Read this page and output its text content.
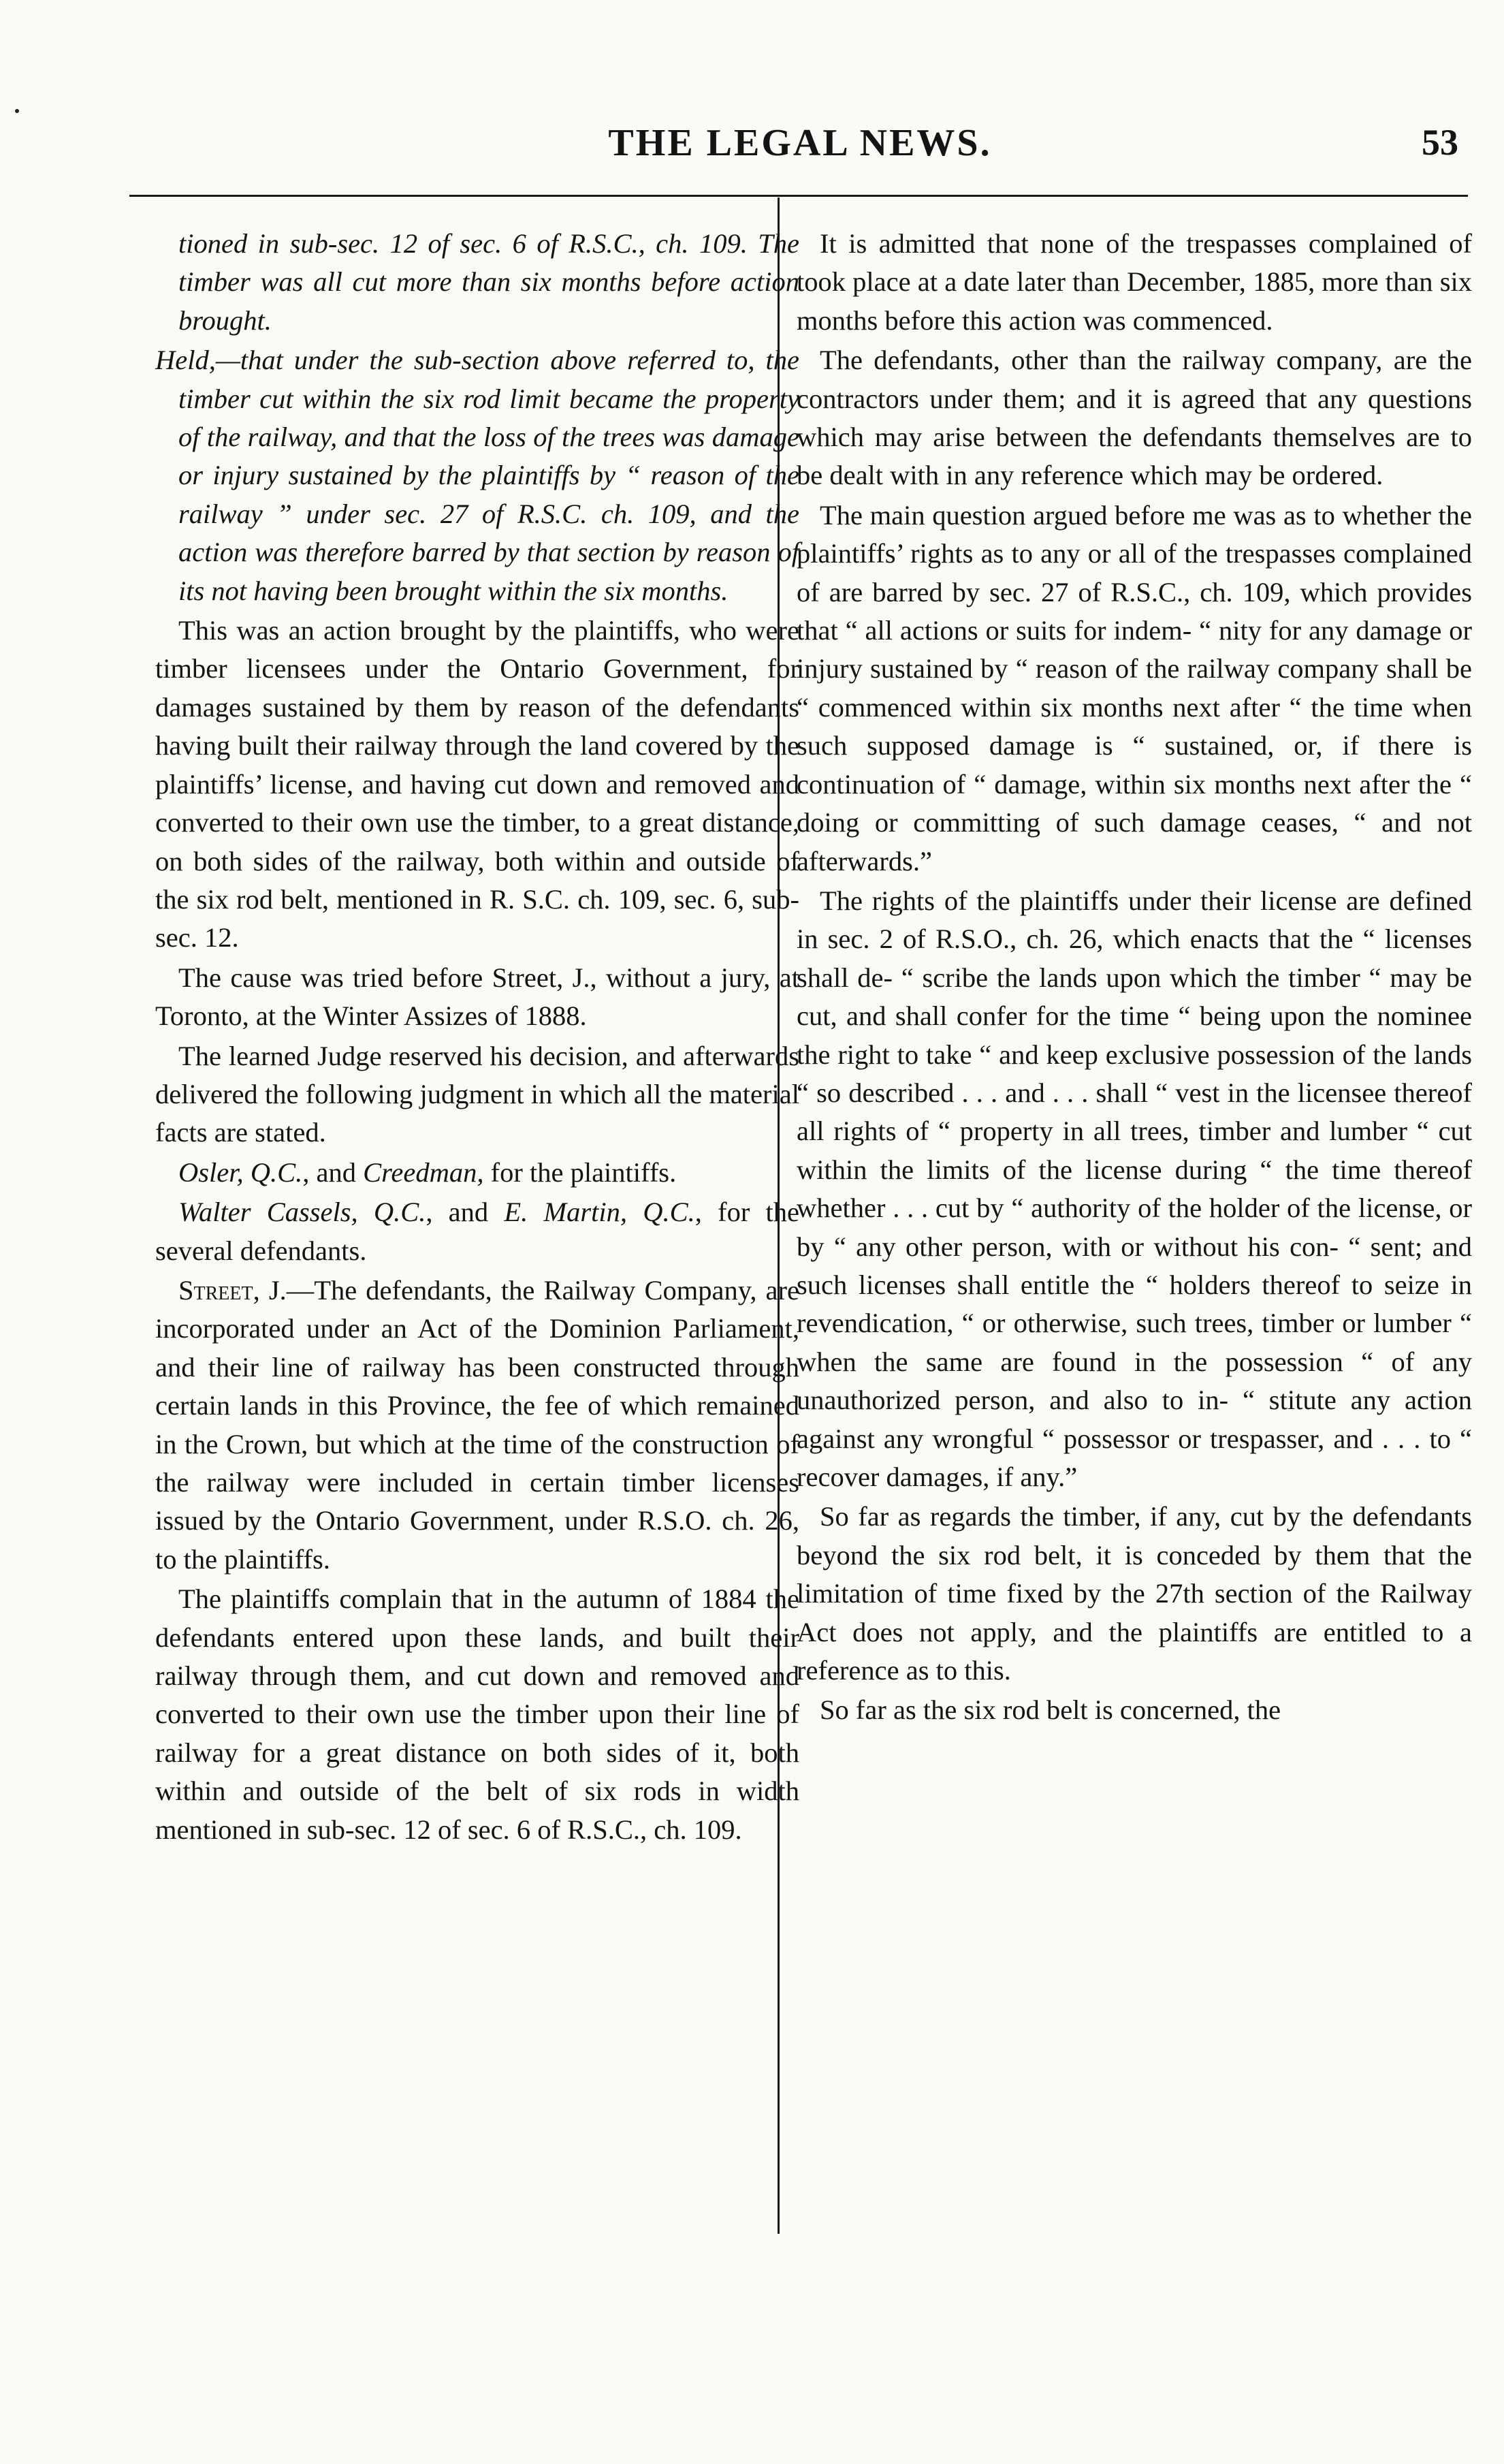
THE LEGAL NEWS.	53

tioned in sub-sec. 12 of sec. 6 of R.S.C., ch. 109. The timber was all cut more than six months before action brought.

Held,—that under the sub-section above referred to, the timber cut within the six rod limit became the property of the railway, and that the loss of the trees was damage or injury sustained by the plaintiffs by “ reason of the railway ” under sec. 27 of R.S.C. ch. 109, and the action was therefore barred by that section by reason of its not having been brought within the six months.

This was an action brought by the plaintiffs, who were timber licensees under the Ontario Government, for damages sustained by them by reason of the defendants having built their railway through the land covered by the plaintiffs’ license, and having cut down and removed and converted to their own use the timber, to a great distance, on both sides of the railway, both within and outside of the six rod belt, mentioned in R. S.C. ch. 109, sec. 6, sub-sec. 12.

The cause was tried before Street, J., without a jury, at Toronto, at the Winter Assizes of 1888.

The learned Judge reserved his decision, and afterwards delivered the following judgment in which all the material facts are stated.

Osler, Q.C., and Creedman, for the plaintiffs.

Walter Cassels, Q.C., and E. Martin, Q.C., for the several defendants.

Street, J.—The defendants, the Railway Company, are incorporated under an Act of the Dominion Parliament, and their line of railway has been constructed through certain lands in this Province, the fee of which remained in the Crown, but which at the time of the construction of the railway were included in certain timber licenses issued by the Ontario Government, under R.S.O. ch. 26, to the plaintiffs.

The plaintiffs complain that in the autumn of 1884 the defendants entered upon these lands, and built their railway through them, and cut down and removed and converted to their own use the timber upon their line of railway for a great distance on both sides of it, both within and outside of the belt of six rods in width mentioned in sub-sec. 12 of sec. 6 of R.S.C., ch. 109.

It is admitted that none of the trespasses complained of took place at a date later than December, 1885, more than six months before this action was commenced.

The defendants, other than the railway company, are the contractors under them; and it is agreed that any questions which may arise between the defendants themselves are to be dealt with in any reference which may be ordered.

The main question argued before me was as to whether the plaintiffs’ rights as to any or all of the trespasses complained of are barred by sec. 27 of R.S.C., ch. 109, which provides that “ all actions or suits for indem- “ nity for any damage or injury sustained by “ reason of the railway company shall be “ commenced within six months next after “ the time when such supposed damage is “ sustained, or, if there is continuation of “ damage, within six months next after the “ doing or committing of such damage ceases, “ and not afterwards.”

The rights of the plaintiffs under their license are defined in sec. 2 of R.S.O., ch. 26, which enacts that the “ licenses shall de- “ scribe the lands upon which the timber “ may be cut, and shall confer for the time “ being upon the nominee the right to take “ and keep exclusive possession of the lands “ so described . . . and . . . shall “ vest in the licensee thereof all rights of “ property in all trees, timber and lumber “ cut within the limits of the license during “ the time thereof whether . . . cut by “ authority of the holder of the license, or by “ any other person, with or without his con- “ sent; and such licenses shall entitle the “ holders thereof to seize in revendication, “ or otherwise, such trees, timber or lumber “ when the same are found in the possession “ of any unauthorized person, and also to in- “ stitute any action against any wrongful “ possessor or trespasser, and . . . to “ recover damages, if any.”

So far as regards the timber, if any, cut by the defendants beyond the six rod belt, it is conceded by them that the limitation of time fixed by the 27th section of the Railway Act does not apply, and the plaintiffs are entitled to a reference as to this.

So far as the six rod belt is concerned, the
